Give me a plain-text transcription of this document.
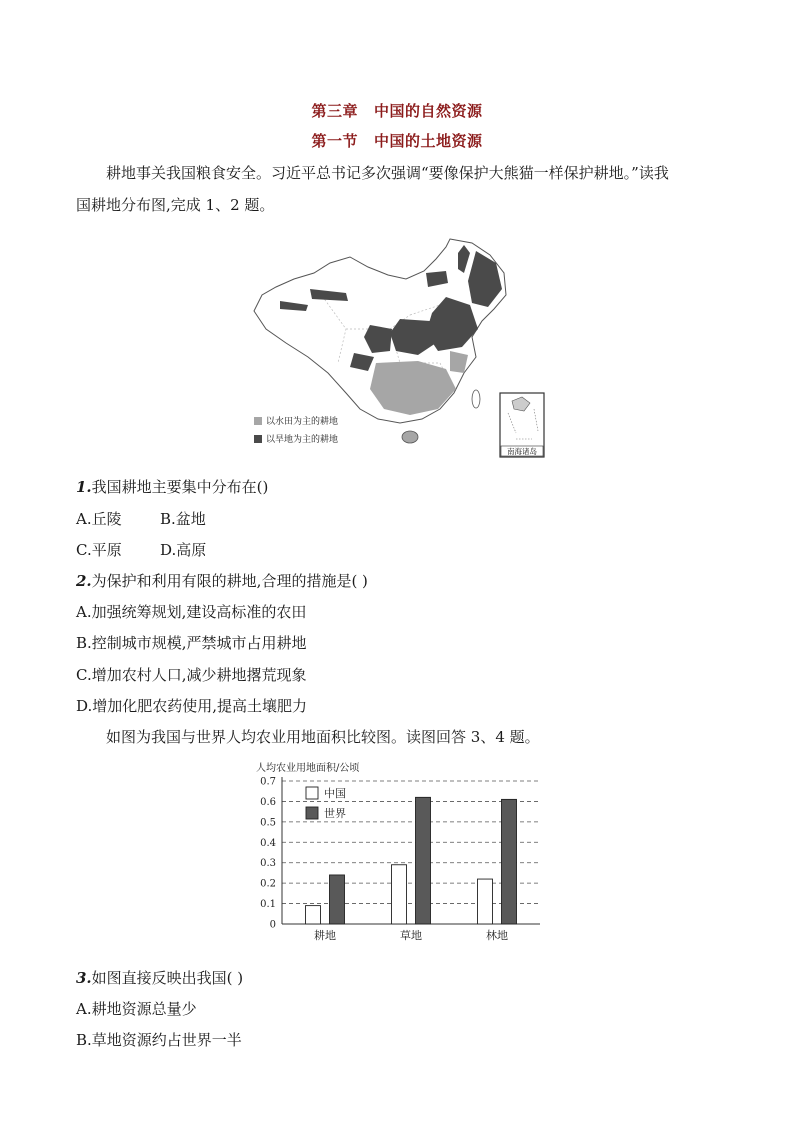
第三章 中国的自然资源
第一节 中国的土地资源
耕地事关我国粮食安全。习近平总书记多次强调“要像保护大熊猫一样保护耕地。”读我
国耕地分布图,完成 1、2 题。
以水田为主的耕地
以旱地为主的耕地
南海诸岛
1.我国耕地主要集中分布在()
A.丘陵	B.盆地
C.平原	D.高原
2.为保护和利用有限的耕地,合理的措施是( )
A.加强统筹规划,建设高标准的农田
B.控制城市规模,严禁城市占用耕地
C.增加农村人口,减少耕地撂荒现象
D.增加化肥农药使用,提高土壤肥力
如图为我国与世界人均农业用地面积比较图。读图回答 3、4 题。
人均农业用地面积/公顷
0
0.1
0.2
0.3
0.4
0.5
0.6
0.7
耕地	草地	林地
中国
世界
3.如图直接反映出我国( )
A.耕地资源总量少
B.草地资源约占世界一半
